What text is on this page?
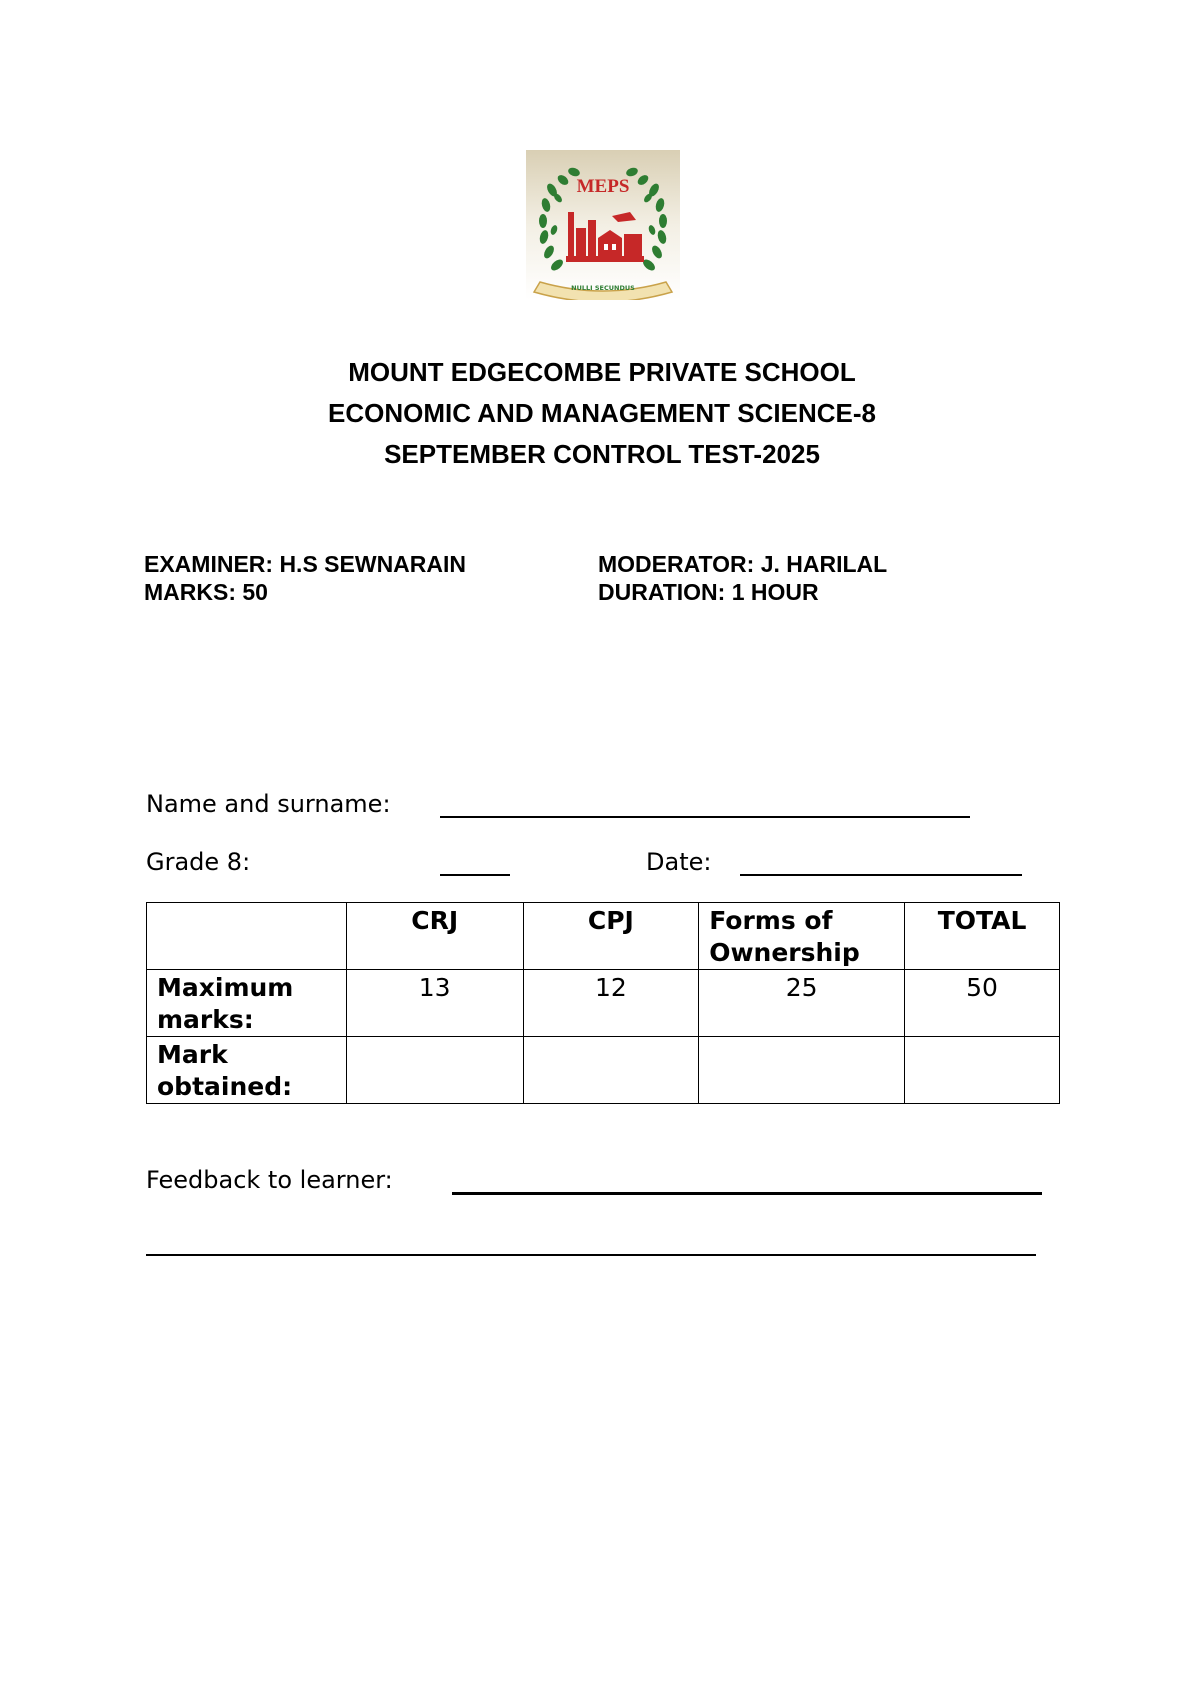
MEPS
NULLI SECUNDUS
MOUNT EDGECOMBE PRIVATE SCHOOL
ECONOMIC AND MANAGEMENT SCIENCE-8
SEPTEMBER CONTROL TEST-2025
EXAMINER: H.S SEWNARAIN
MARKS: 50
MODERATOR: J. HARILAL
DURATION: 1 HOUR
Name and surname:
Grade 8:	Date:
	CRJ	CPJ	Forms of Ownership	TOTAL
Maximum marks:	13	12	25	50
Mark obtained:				
Feedback to learner:
